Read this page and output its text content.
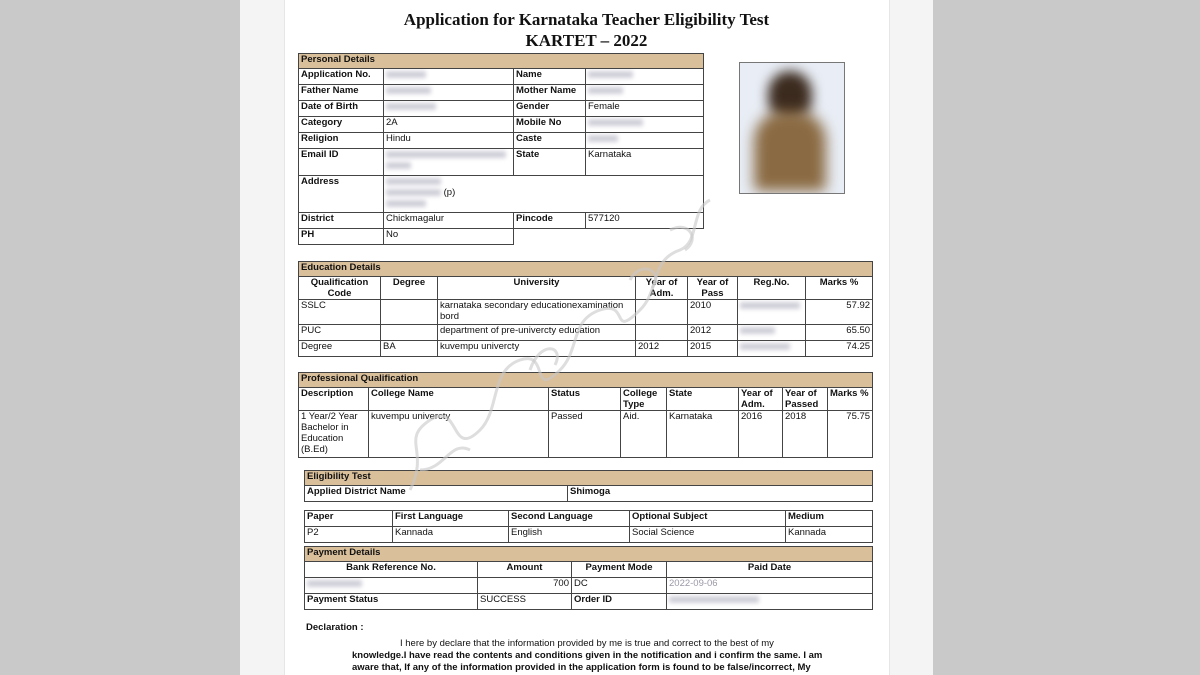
Application for Karnataka Teacher Eligibility Test
KARTET – 2022
Personal Details			
Application No.		Name	
Father Name		Mother Name	
Date of Birth		Gender	Female
Category	2A	Mobile No	
Religion	Hindu	Caste	
Email ID		State	Karnataka
Address	(p)		

District	Chickmagalur	Pincode	577120
PH	No		
Education Details						
Qualification Code	Degree	University	Year of Adm.	Year of Pass	Reg.No.	Marks %
SSLC		karnataka secondary educationexamination bord		2010		57.92
PUC		department of pre-univercty education		2012		65.50
Degree	BA	kuvempu univercty	2012	2015		74.25
Professional Qualification							
Description	College Name	Status	College Type	State	Year of Adm.	Year of Passed	Marks %
1 Year/2 Year Bachelor in Education (B.Ed)	kuvempu univercty	Passed	Aid.	Karnataka	2016	2018	75.75
Eligibility Test
Applied District Name	Shimoga
Paper	First Language	Second Language	Optional Subject	Medium
P2	Kannada	English	Social Science	Kannada
Payment Details			
Bank Reference No.	Amount	Payment Mode	Paid Date
	700	DC	2022-09-06
Payment Status	SUCCESS	Order ID	
Declaration :
I here by declare that the information provided by me is true and correct to the best of my
knowledge.I have read the contents and conditions given in the notification and i confirm the same. I am
aware that, If any of the information provided in the application form is found to be false/incorrect, My
